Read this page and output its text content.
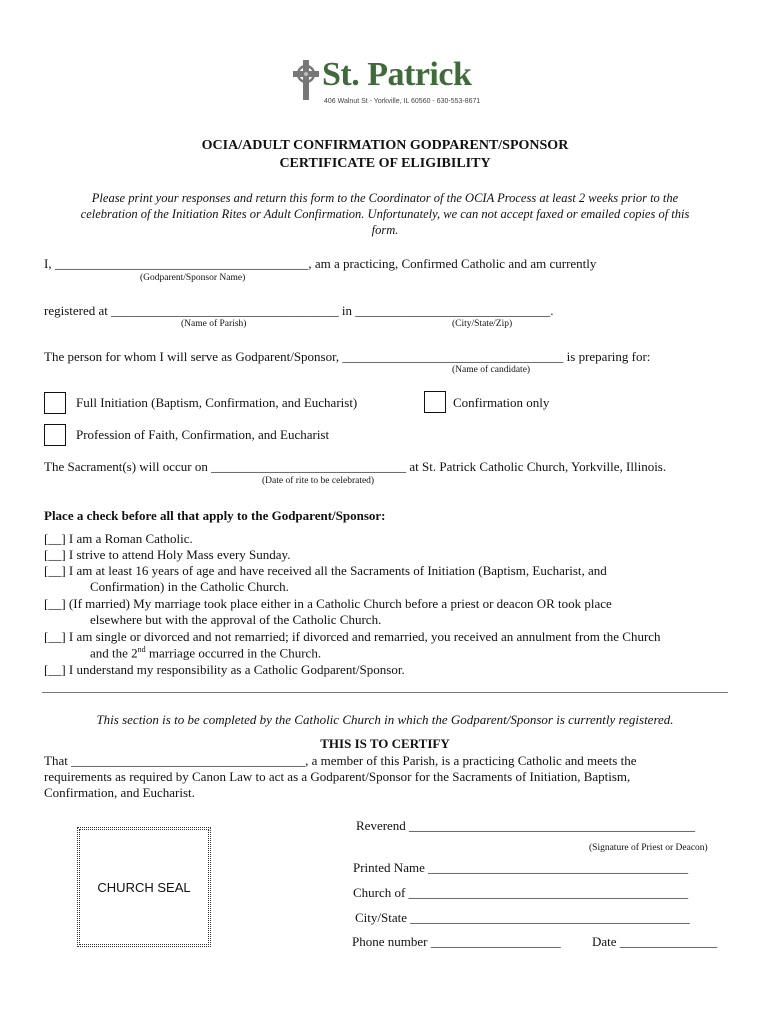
St. Patrick
406 Walnut St - Yorkville, IL 60560 - 630-553-8671
OCIA/ADULT CONFIRMATION GODPARENT/SPONSOR
CERTIFICATE OF ELIGIBILITY
Please print your responses and return this form to the Coordinator of the OCIA Process at least 2 weeks prior to the
celebration of the Initiation Rites or Adult Confirmation. Unfortunately, we can not accept faxed or emailed copies of this
form.
I, _______________________________________, am a practicing, Confirmed Catholic and am currently
(Godparent/Sponsor Name)
registered at ___________________________________ in ______________________________.
(Name of Parish)	(City/State/Zip)
The person for whom I will serve as Godparent/Sponsor, __________________________________ is preparing for:
(Name of candidate)
Full Initiation (Baptism, Confirmation, and Eucharist)	Confirmation only
Profession of Faith, Confirmation, and Eucharist
The Sacrament(s) will occur on ______________________________ at St. Patrick Catholic Church, Yorkville, Illinois.
(Date of rite to be celebrated)
Place a check before all that apply to the Godparent/Sponsor:
[__] I am a Roman Catholic.
[__] I strive to attend Holy Mass every Sunday.
[__] I am at least 16 years of age and have received all the Sacraments of Initiation (Baptism, Eucharist, and
Confirmation) in the Catholic Church.
[__] (If married) My marriage took place either in a Catholic Church before a priest or deacon OR took place
elsewhere but with the approval of the Catholic Church.
[__] I am single or divorced and not remarried; if divorced and remarried, you received an annulment from the Church
and the 2nd marriage occurred in the Church.
[__] I understand my responsibility as a Catholic Godparent/Sponsor.
This section is to be completed by the Catholic Church in which the Godparent/Sponsor is currently registered.
THIS IS TO CERTIFY
That ____________________________________, a member of this Parish, is a practicing Catholic and meets the
requirements as required by Canon Law to act as a Godparent/Sponsor for the Sacraments of Initiation, Baptism,
Confirmation, and Eucharist.
CHURCH SEAL
Reverend ____________________________________________
(Signature of Priest or Deacon)
Printed Name ________________________________________
Church of ___________________________________________
City/State ___________________________________________
Phone number ____________________ Date _______________
